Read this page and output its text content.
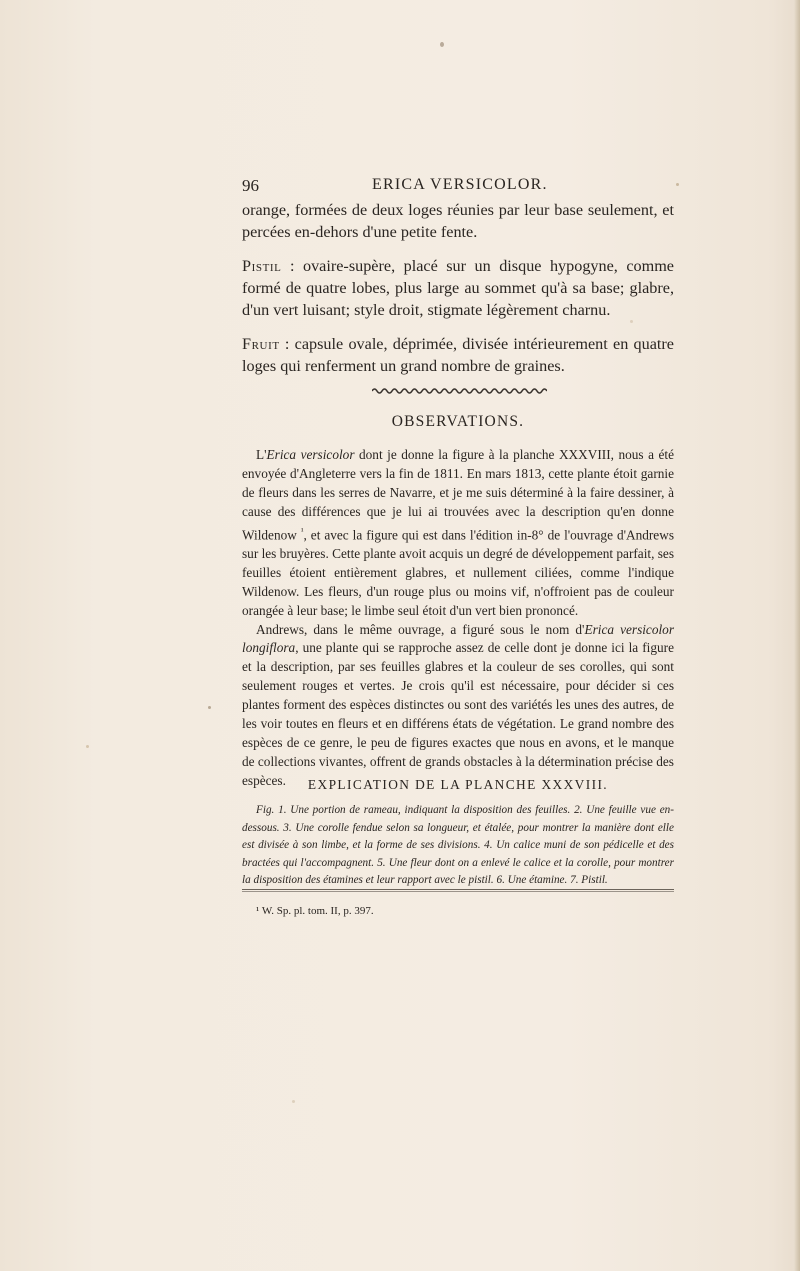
96	ERICA VERSICOLOR.

orange, formées de deux loges réunies par leur base seulement, et percées en-dehors d'une petite fente.

Pistil : ovaire-supère, placé sur un disque hypogyne, comme formé de quatre lobes, plus large au sommet qu'à sa base; glabre, d'un vert luisant; style droit, stigmate légèrement charnu.

Fruit : capsule ovale, déprimée, divisée intérieurement en quatre loges qui renferment un grand nombre de graines.

OBSERVATIONS.

L'Erica versicolor dont je donne la figure à la planche XXXVIII, nous a été envoyée d'Angleterre vers la fin de 1811. En mars 1813, cette plante étoit garnie de fleurs dans les serres de Navarre, et je me suis déterminé à la faire dessiner, à cause des différences que je lui ai trouvées avec la description qu'en donne Wildenow $^{^1}$, et avec la figure qui est dans l'édition in-8° de l'ouvrage d'Andrews sur les bruyères. Cette plante avoit acquis un degré de développement parfait, ses feuilles étoient entièrement glabres, et nullement ciliées, comme l'indique Wildenow. Les fleurs, d'un rouge plus ou moins vif, n'offroient pas de couleur orangée à leur base; le limbe seul étoit d'un vert bien prononcé.

Andrews, dans le même ouvrage, a figuré sous le nom d'Erica versicolor longiflora, une plante qui se rapproche assez de celle dont je donne ici la figure et la description, par ses feuilles glabres et la couleur de ses corolles, qui sont seulement rouges et vertes. Je crois qu'il est nécessaire, pour décider si ces plantes forment des espèces distinctes ou sont des variétés les unes des autres, de les voir toutes en fleurs et en différens états de végétation. Le grand nombre des espèces de ce genre, le peu de figures exactes que nous en avons, et le manque de collections vivantes, offrent de grands obstacles à la détermination précise des espèces.	EXPLICATION DE LA PLANCHE XXXVIII.

Fig. 1. Une portion de rameau, indiquant la disposition des feuilles. 2. Une feuille vue en-dessous. 3. Une corolle fendue selon sa longueur, et étalée, pour montrer la manière dont elle est divisée à son limbe, et la forme de ses divisions. 4. Un calice muni de son pédicelle et des bractées qui l'accompagnent. 5. Une fleur dont on a enlevé le calice et la corolle, pour montrer la disposition des étamines et leur rapport avec le pistil. 6. Une étamine. 7. Pistil.

¹ W. Sp. pl. tom. II, p. 397.
